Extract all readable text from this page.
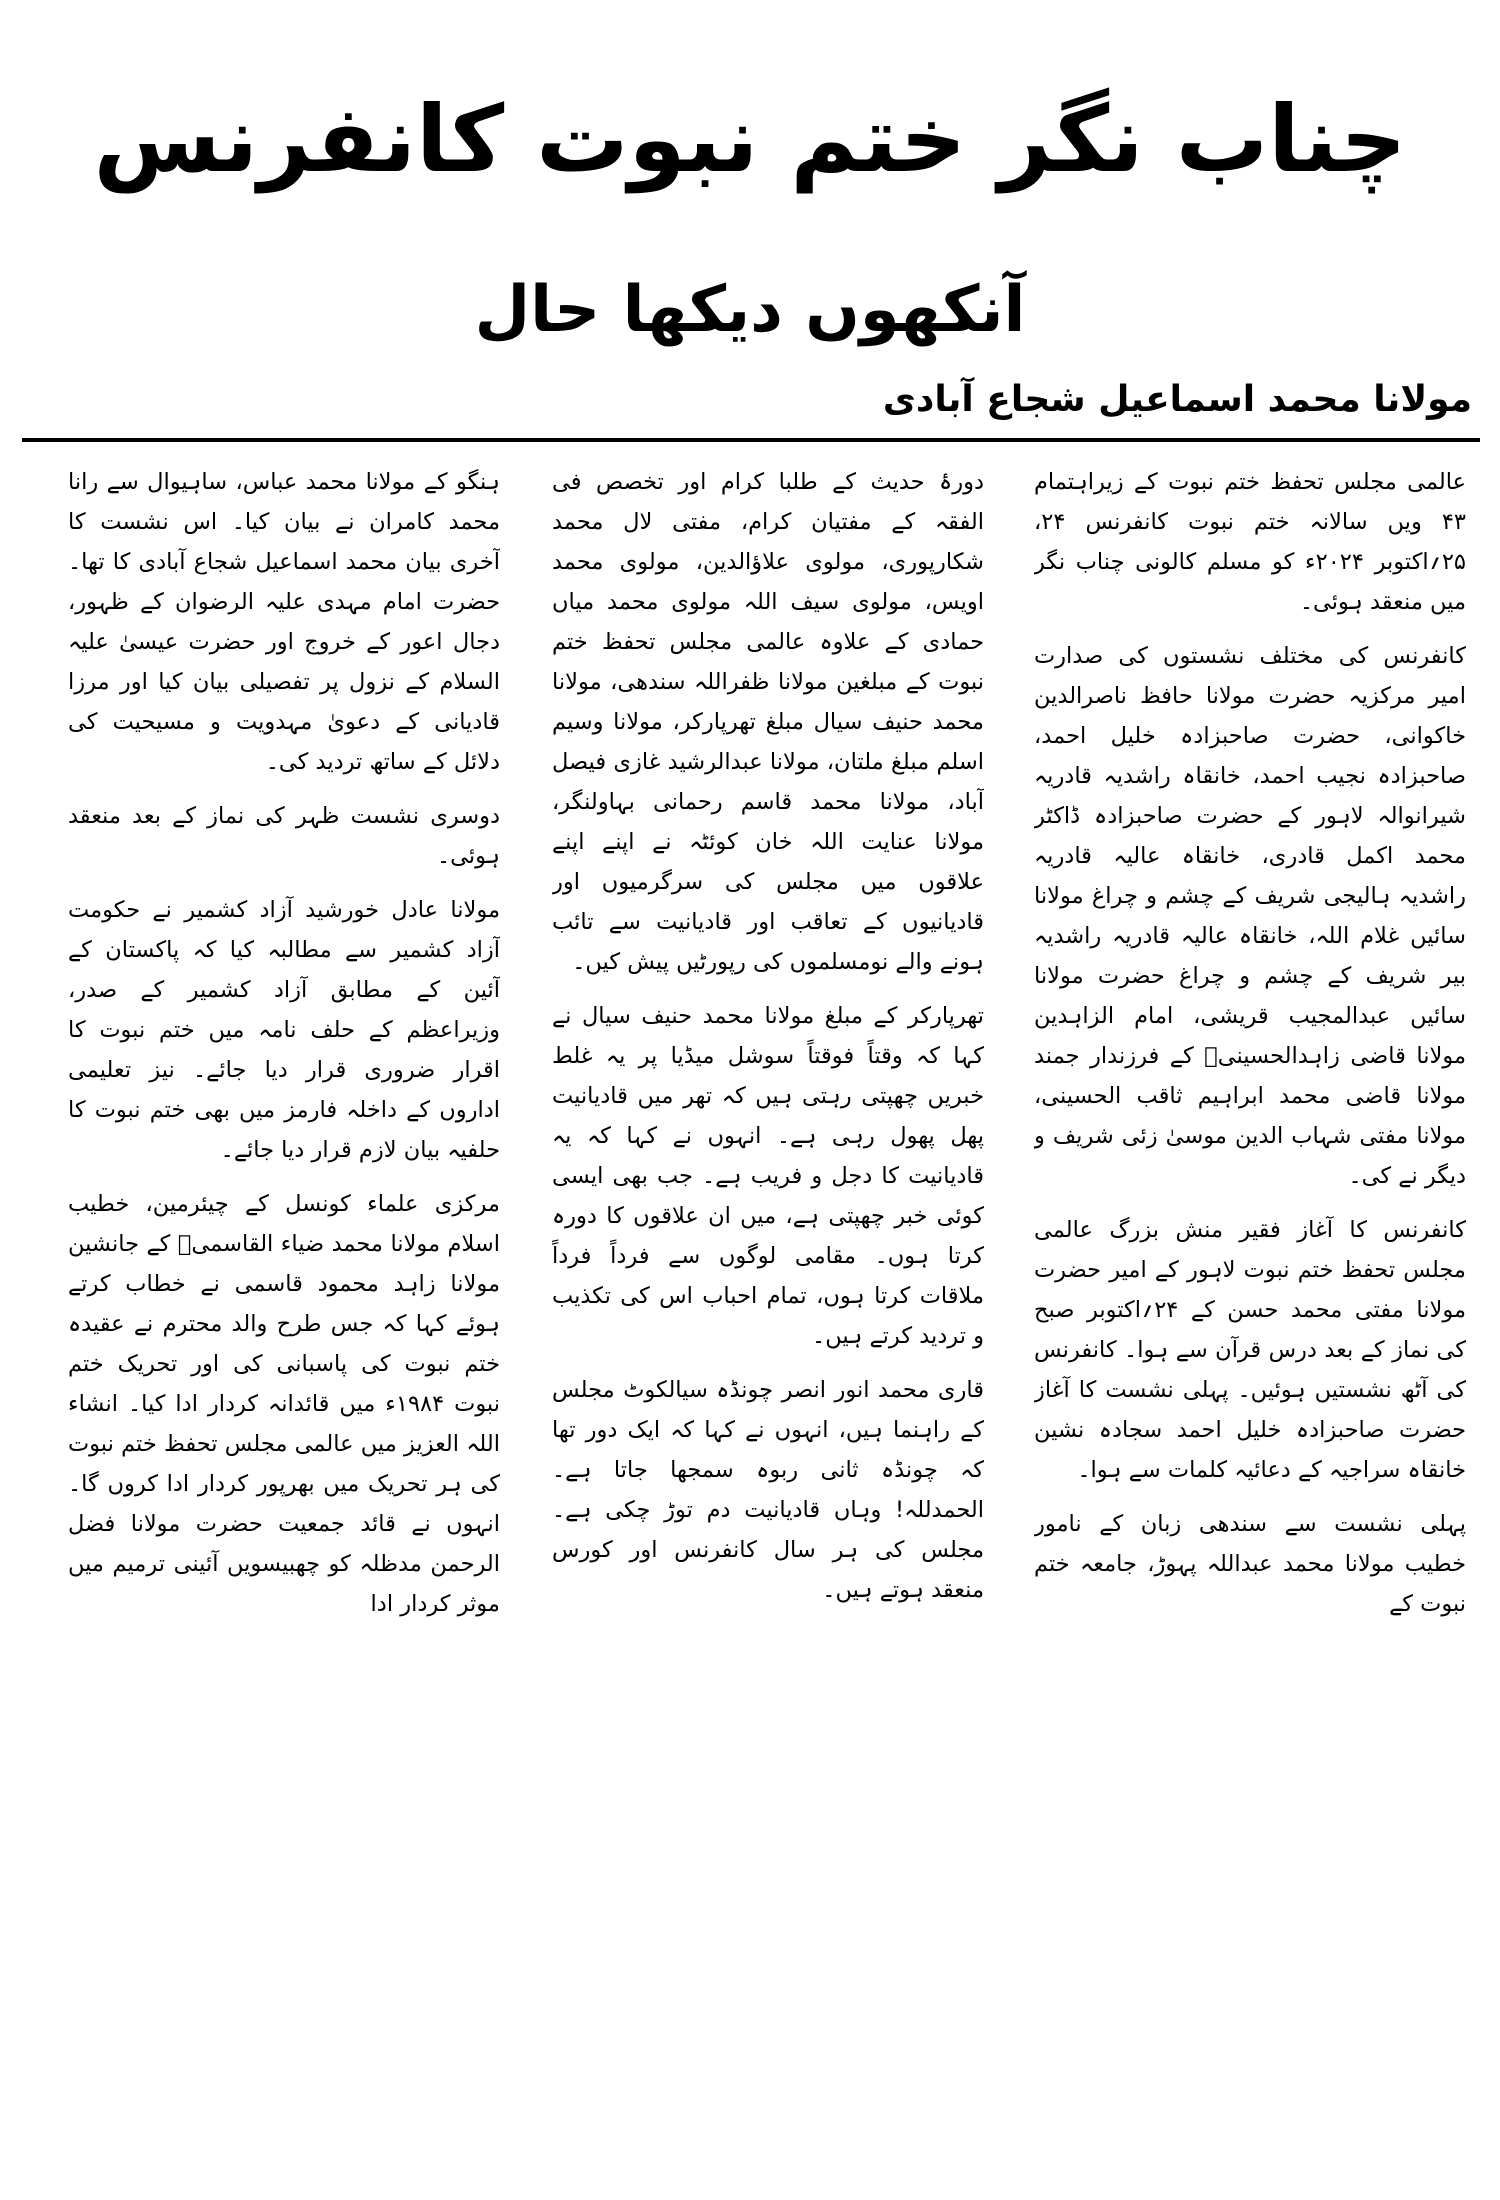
چناب نگر ختم نبوت کانفرنس
آنکھوں دیکھا حال
مولانا محمد اسماعیل شجاع آبادی

عالمی مجلس تحفظ ختم نبوت کے زیراہتمام ۴۳ ویں سالانہ ختم نبوت کانفرنس ۲۴، ۲۵؍اکتوبر ۲۰۲۴ء کو مسلم کالونی چناب نگر میں منعقد ہوئی۔

کانفرنس کی مختلف نشستوں کی صدارت امیر مرکزیہ حضرت مولانا حافظ ناصرالدین خاکوانی، حضرت صاحبزادہ خلیل احمد، صاحبزادہ نجیب احمد، خانقاہ راشدیہ قادریہ شیرانوالہ لاہور کے حضرت صاحبزادہ ڈاکٹر محمد اکمل قادری، خانقاہ عالیہ قادریہ راشدیہ ہالیجی شریف کے چشم و چراغ مولانا سائیں غلام اللہ، خانقاہ عالیہ قادریہ راشدیہ بیر شریف کے چشم و چراغ حضرت مولانا سائیں عبدالمجیب قریشی، امام الزاہدین مولانا قاضی زاہدالحسینیؒ کے فرزندار جمند مولانا قاضی محمد ابراہیم ثاقب الحسینی، مولانا مفتی شہاب الدین موسیٰ زئی شریف و دیگر نے کی۔

کانفرنس کا آغاز فقیر منش بزرگ عالمی مجلس تحفظ ختم نبوت لاہور کے امیر حضرت مولانا مفتی محمد حسن کے ۲۴؍اکتوبر صبح کی نماز کے بعد درس قرآن سے ہوا۔ کانفرنس کی آٹھ نشستیں ہوئیں۔ پہلی نشست کا آغاز حضرت صاحبزادہ خلیل احمد سجادہ نشین خانقاہ سراجیہ کے دعائیہ کلمات سے ہوا۔

پہلی نشست سے سندھی زبان کے نامور خطیب مولانا محمد عبداللہ پہوڑ، جامعہ ختم نبوت کے

دورۂ حدیث کے طلبا کرام اور تخصص فی الفقہ کے مفتیان کرام، مفتی لال محمد شکارپوری، مولوی علاؤالدین، مولوی محمد اویس، مولوی سیف اللہ مولوی محمد میاں حمادی کے علاوہ عالمی مجلس تحفظ ختم نبوت کے مبلغین مولانا ظفراللہ سندھی، مولانا محمد حنیف سیال مبلغ تھرپارکر، مولانا وسیم اسلم مبلغ ملتان، مولانا عبدالرشید غازی فیصل آباد، مولانا محمد قاسم رحمانی بہاولنگر، مولانا عنایت اللہ خان کوئٹہ نے اپنے اپنے علاقوں میں مجلس کی سرگرمیوں اور قادیانیوں کے تعاقب اور قادیانیت سے تائب ہونے والے نومسلموں کی رپورٹیں پیش کیں۔

تھرپارکر کے مبلغ مولانا محمد حنیف سیال نے کہا کہ وقتاً فوقتاً سوشل میڈیا پر یہ غلط خبریں چھپتی رہتی ہیں کہ تھر میں قادیانیت پھل پھول رہی ہے۔ انہوں نے کہا کہ یہ قادیانیت کا دجل و فریب ہے۔ جب بھی ایسی کوئی خبر چھپتی ہے، میں ان علاقوں کا دورہ کرتا ہوں۔ مقامی لوگوں سے فرداً فرداً ملاقات کرتا ہوں، تمام احباب اس کی تکذیب و تردید کرتے ہیں۔

قاری محمد انور انصر چونڈہ سیالکوٹ مجلس کے راہنما ہیں، انہوں نے کہا کہ ایک دور تھا کہ چونڈہ ثانی ربوہ سمجھا جاتا ہے۔ الحمدللہ! وہاں قادیانیت دم توڑ چکی ہے۔ مجلس کی ہر سال کانفرنس اور کورس منعقد ہوتے ہیں۔

ہنگو کے مولانا محمد عباس، ساہیوال سے رانا محمد کامران نے بیان کیا۔ اس نشست کا آخری بیان محمد اسماعیل شجاع آبادی کا تھا۔ حضرت امام مہدی علیہ الرضوان کے ظہور، دجال اعور کے خروج اور حضرت عیسیٰ علیہ السلام کے نزول پر تفصیلی بیان کیا اور مرزا قادیانی کے دعویٰ مہدویت و مسیحیت کی دلائل کے ساتھ تردید کی۔

دوسری نشست ظہر کی نماز کے بعد منعقد ہوئی۔

مولانا عادل خورشید آزاد کشمیر نے حکومت آزاد کشمیر سے مطالبہ کیا کہ پاکستان کے آئین کے مطابق آزاد کشمیر کے صدر، وزیراعظم کے حلف نامہ میں ختم نبوت کا اقرار ضروری قرار دیا جائے۔ نیز تعلیمی اداروں کے داخلہ فارمز میں بھی ختم نبوت کا حلفیہ بیان لازم قرار دیا جائے۔

مرکزی علماء کونسل کے چیئرمین، خطیب اسلام مولانا محمد ضیاء القاسمیؒ کے جانشین مولانا زاہد محمود قاسمی نے خطاب کرتے ہوئے کہا کہ جس طرح والد محترم نے عقیدہ ختم نبوت کی پاسبانی کی اور تحریک ختم نبوت ۱۹۸۴ء میں قائدانہ کردار ادا کیا۔ انشاء اللہ العزیز میں عالمی مجلس تحفظ ختم نبوت کی ہر تحریک میں بھرپور کردار ادا کروں گا۔ انہوں نے قائد جمعیت حضرت مولانا فضل الرحمن مدظلہ کو چھبیسویں آئینی ترمیم میں موثر کردار ادا
